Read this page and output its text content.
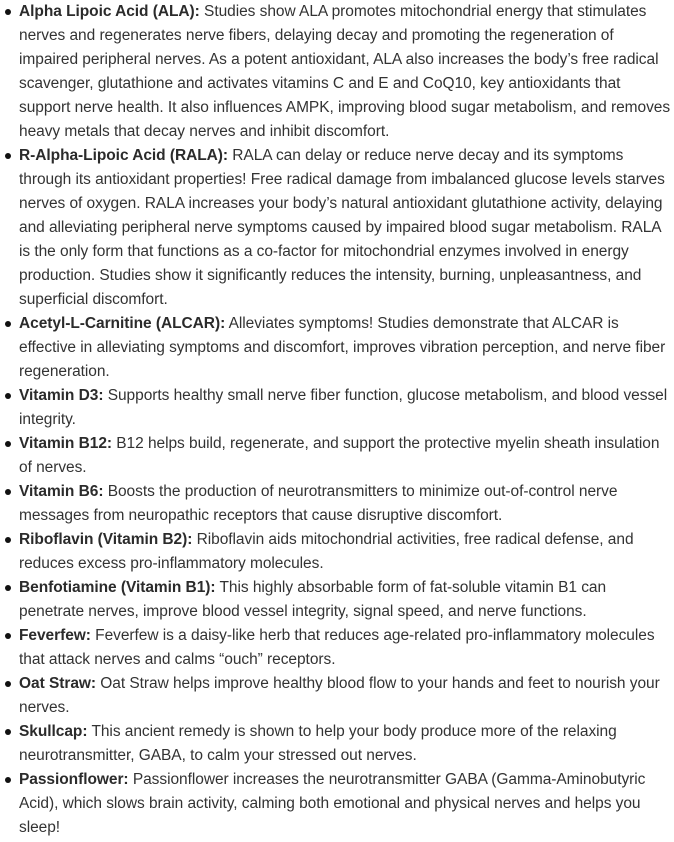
Alpha Lipoic Acid (ALA): Studies show ALA promotes mitochondrial energy that stimulates nerves and regenerates nerve fibers, delaying decay and promoting the regeneration of impaired peripheral nerves. As a potent antioxidant, ALA also increases the body’s free radical scavenger, glutathione and activates vitamins C and E and CoQ10, key antioxidants that support nerve health. It also influences AMPK, improving blood sugar metabolism, and removes heavy metals that decay nerves and inhibit discomfort.
R-Alpha-Lipoic Acid (RALA): RALA can delay or reduce nerve decay and its symptoms through its antioxidant properties! Free radical damage from imbalanced glucose levels starves nerves of oxygen. RALA increases your body’s natural antioxidant glutathione activity, delaying and alleviating peripheral nerve symptoms caused by impaired blood sugar metabolism. RALA is the only form that functions as a co-factor for mitochondrial enzymes involved in energy production. Studies show it significantly reduces the intensity, burning, unpleasantness, and superficial discomfort.
Acetyl-L-Carnitine (ALCAR): Alleviates symptoms! Studies demonstrate that ALCAR is effective in alleviating symptoms and discomfort, improves vibration perception, and nerve fiber regeneration.
Vitamin D3: Supports healthy small nerve fiber function, glucose metabolism, and blood vessel integrity.
Vitamin B12: B12 helps build, regenerate, and support the protective myelin sheath insulation of nerves.
Vitamin B6: Boosts the production of neurotransmitters to minimize out-of-control nerve messages from neuropathic receptors that cause disruptive discomfort.
Riboflavin (Vitamin B2): Riboflavin aids mitochondrial activities, free radical defense, and reduces excess pro-inflammatory molecules.
Benfotiamine (Vitamin B1): This highly absorbable form of fat-soluble vitamin B1 can penetrate nerves, improve blood vessel integrity, signal speed, and nerve functions.
Feverfew: Feverfew is a daisy-like herb that reduces age-related pro-inflammatory molecules that attack nerves and calms “ouch” receptors.
Oat Straw: Oat Straw helps improve healthy blood flow to your hands and feet to nourish your nerves.
Skullcap: This ancient remedy is shown to help your body produce more of the relaxing neurotransmitter, GABA, to calm your stressed out nerves.
Passionflower: Passionflower increases the neurotransmitter GABA (Gamma-Aminobutyric Acid), which slows brain activity, calming both emotional and physical nerves and helps you sleep!
